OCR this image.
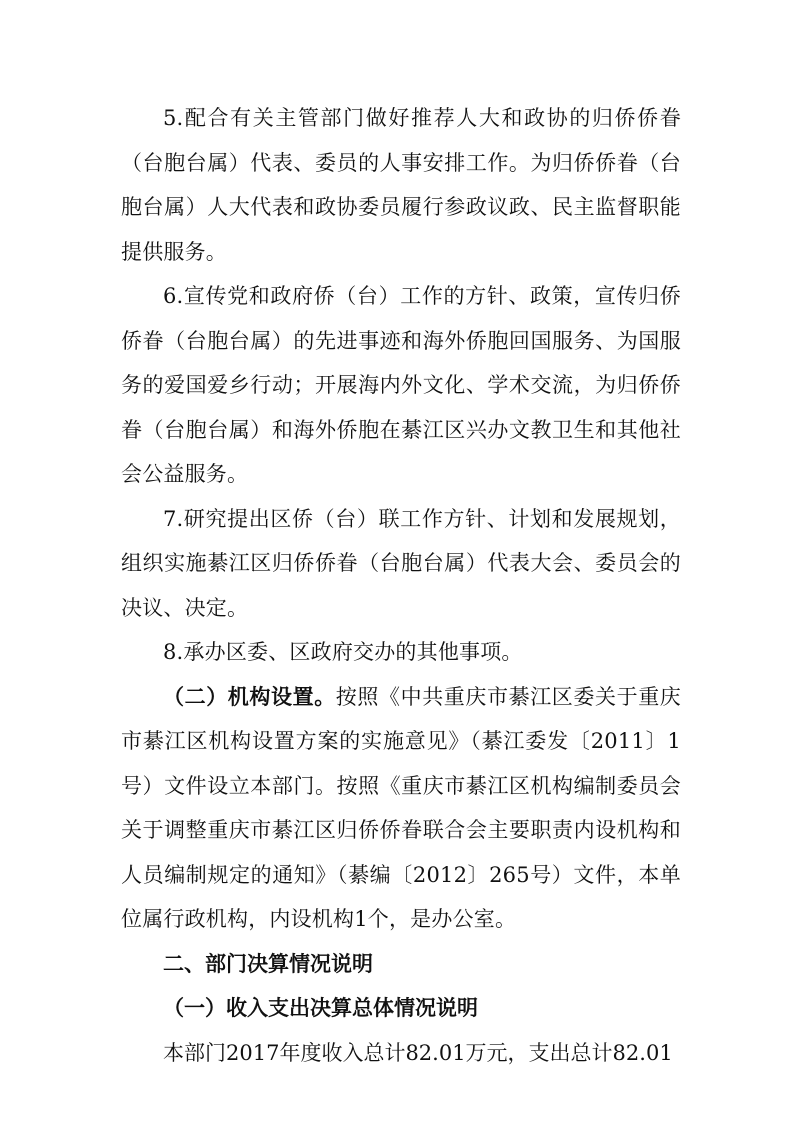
5.配合有关主管部门做好推荐人大和政协的归侨侨眷（台胞台属）代表、委员的人事安排工作。为归侨侨眷（台胞台属）人大代表和政协委员履行参政议政、民主监督职能提供服务。

6.宣传党和政府侨（台）工作的方针、政策，宣传归侨侨眷（台胞台属）的先进事迹和海外侨胞回国服务、为国服务的爱国爱乡行动；开展海内外文化、学术交流，为归侨侨眷（台胞台属）和海外侨胞在綦江区兴办文教卫生和其他社会公益服务。

7.研究提出区侨（台）联工作方针、计划和发展规划，组织实施綦江区归侨侨眷（台胞台属）代表大会、委员会的决议、决定。

8.承办区委、区政府交办的其他事项。

（二）机构设置。按照《中共重庆市綦江区委关于重庆市綦江区机构设置方案的实施意见》（綦江委发〔2011〕1号）文件设立本部门。按照《重庆市綦江区机构编制委员会关于调整重庆市綦江区归侨侨眷联合会主要职责内设机构和人员编制规定的通知》（綦编〔2012〕265号）文件，本单位属行政机构，内设机构1个，是办公室。

二、部门决算情况说明

（一）收入支出决算总体情况说明

本部门2017年度收入总计82.01万元，支出总计82.01
